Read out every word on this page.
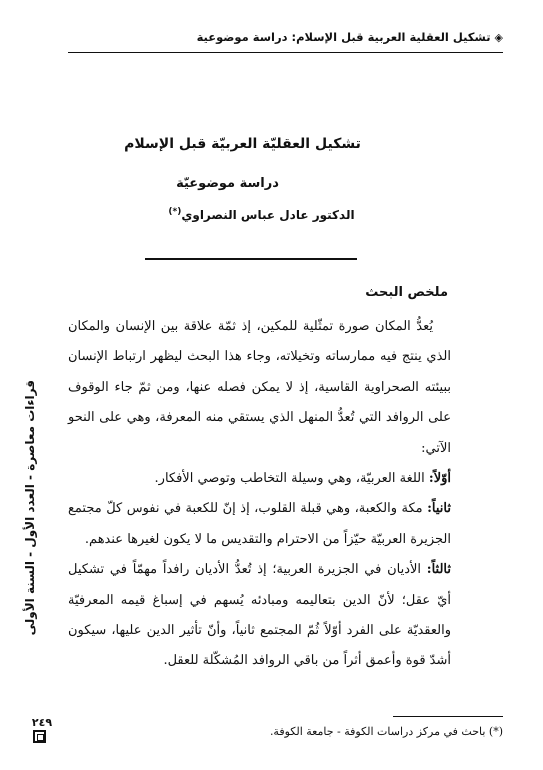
◈تشكيل العقلية العربية قبل الإسلام: دراسة موضوعية
قراءات معاصرة - العدد الأول - السنة الأولى
٢٤٩
تشكيل العقليّة العربيّة قبل الإسلام
دراسة موضوعيّة
الدكتور عادل عباس النصراوي(*)
ملخص البحث

يُعدُّ المكان صورة تمثّلية للمكين، إذ ثمّة علاقة بين الإنسان والمكان الذي ينتج فيه ممارساته وتخيلاته، وجاء هذا البحث ليظهر ارتباط الإنسان ببيئته الصحراوية القاسية، إذ لا يمكن فصله عنها، ومن ثمّ جاء الوقوف على الروافد التي تُعدُّ المنهل الذي يستقي منه المعرفة، وهي على النحو الآتي:

أوّلاً: اللغة العربيّة، وهي وسيلة التخاطب وتوصي الأفكار.

ثانياً: مكة والكعبة، وهي قبلة القلوب، إذ إنّ للكعبة في نفوس كلّ مجتمع الجزيرة العربيّة حيّزاً من الاحترام والتقديس ما لا يكون لغيرها عندهم.

ثالثاً: الأديان في الجزيرة العربية؛ إذ تُعدُّ الأديان رافداً مهمّاً في تشكيل أيّ عقل؛ لأنّ الدين بتعاليمه ومبادئه يُسهم في إسباغ قيمه المعرفيّة والعقديّة على الفرد أوّلاً ثُمّ المجتمع ثانياً، وأنّ تأثير الدين عليها، سيكون أشدّ قوة وأعمق أثراً من باقي الروافد المُشكّلة للعقل.

(*) باحث في مركز دراسات الكوفة - جامعة الكوفة.
